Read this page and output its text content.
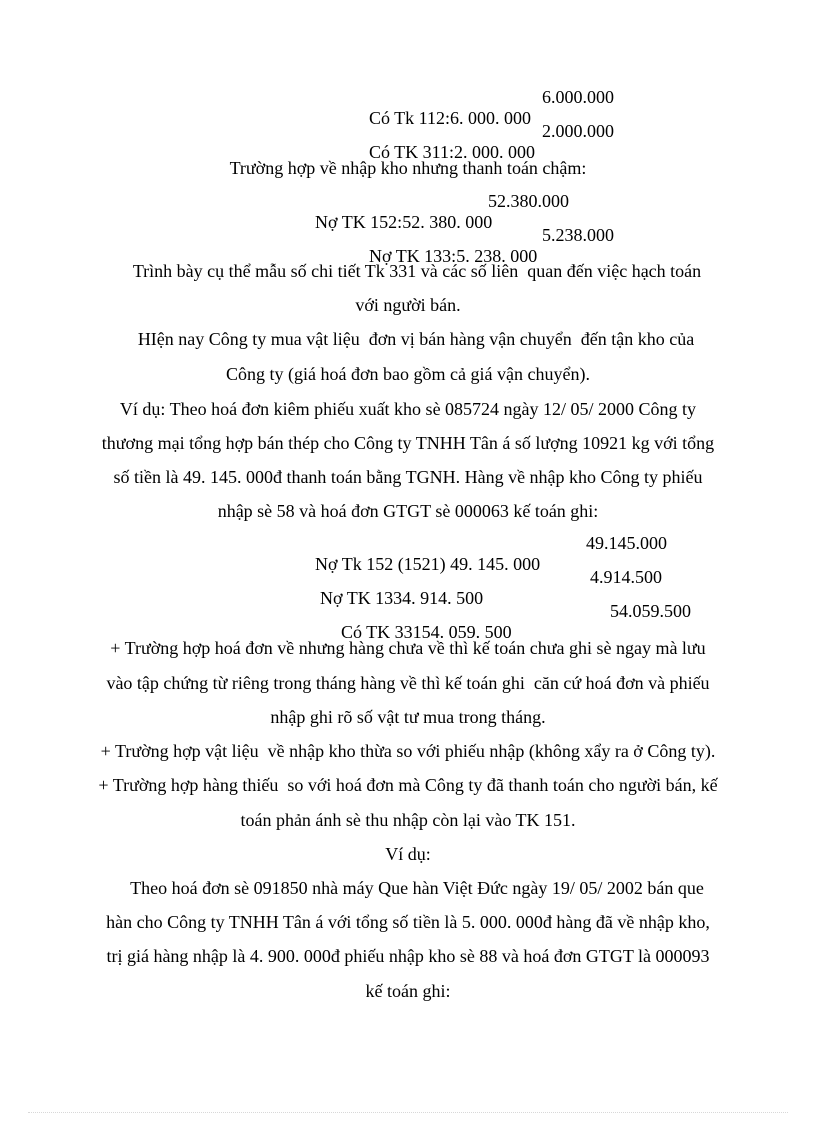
Có Tk 112:6. 000. 000

6.000.000

Có TK 311:2. 000. 000

2.000.000
Trường hợp về nhập kho nhưng thanh toán chậm:

Nợ TK 152:52. 380. 000

52.380.000

Nợ TK 133:5. 238. 000

5.238.000
Trình bày cụ thể mẫu số chi tiết Tk 331 và các số liên  quan đến việc hạch toán
với người bán.
HIện nay Công ty mua vật liệu  đơn vị bán hàng vận chuyển  đến tận kho của
Công ty (giá hoá đơn bao gồm cả giá vận chuyển).
Ví dụ: Theo hoá đơn kiêm phiếu xuất kho sè 085724 ngày 12/ 05/ 2000 Công ty
thương mại tổng hợp bán thép cho Công ty TNHH Tân á số lượng 10921 kg với tổng
số tiền là 49. 145. 000đ thanh toán bằng TGNH. Hàng về nhập kho Công ty phiếu
nhập sè 58 và hoá đơn GTGT sè 000063 kế toán ghi:

Nợ Tk 152 (1521) 49. 145. 000

49.145.000

Nợ TK 1334. 914. 500

4.914.500

Có TK 33154. 059. 500

54.059.500
+ Trường hợp hoá đơn về nhưng hàng chưa về thì kế toán chưa ghi sè ngay mà lưu
vào tập chứng từ riêng trong tháng hàng về thì kế toán ghi  căn cứ hoá đơn và phiếu
nhập ghi rõ số vật tư mua trong tháng.
+ Trường hợp vật liệu  về nhập kho thừa so với phiếu nhập (không xẩy ra ở Công ty).
+ Trường hợp hàng thiếu  so với hoá đơn mà Công ty đã thanh toán cho người bán, kế
toán phản ánh sè thu nhập còn lại vào TK 151.
Ví dụ:
Theo hoá đơn sè 091850 nhà máy Que hàn Việt Đức ngày 19/ 05/ 2002 bán que
hàn cho Công ty TNHH Tân á với tổng số tiền là 5. 000. 000đ hàng đã về nhập kho,
trị giá hàng nhập là 4. 900. 000đ phiếu nhập kho sè 88 và hoá đơn GTGT là 000093
kế toán ghi:
